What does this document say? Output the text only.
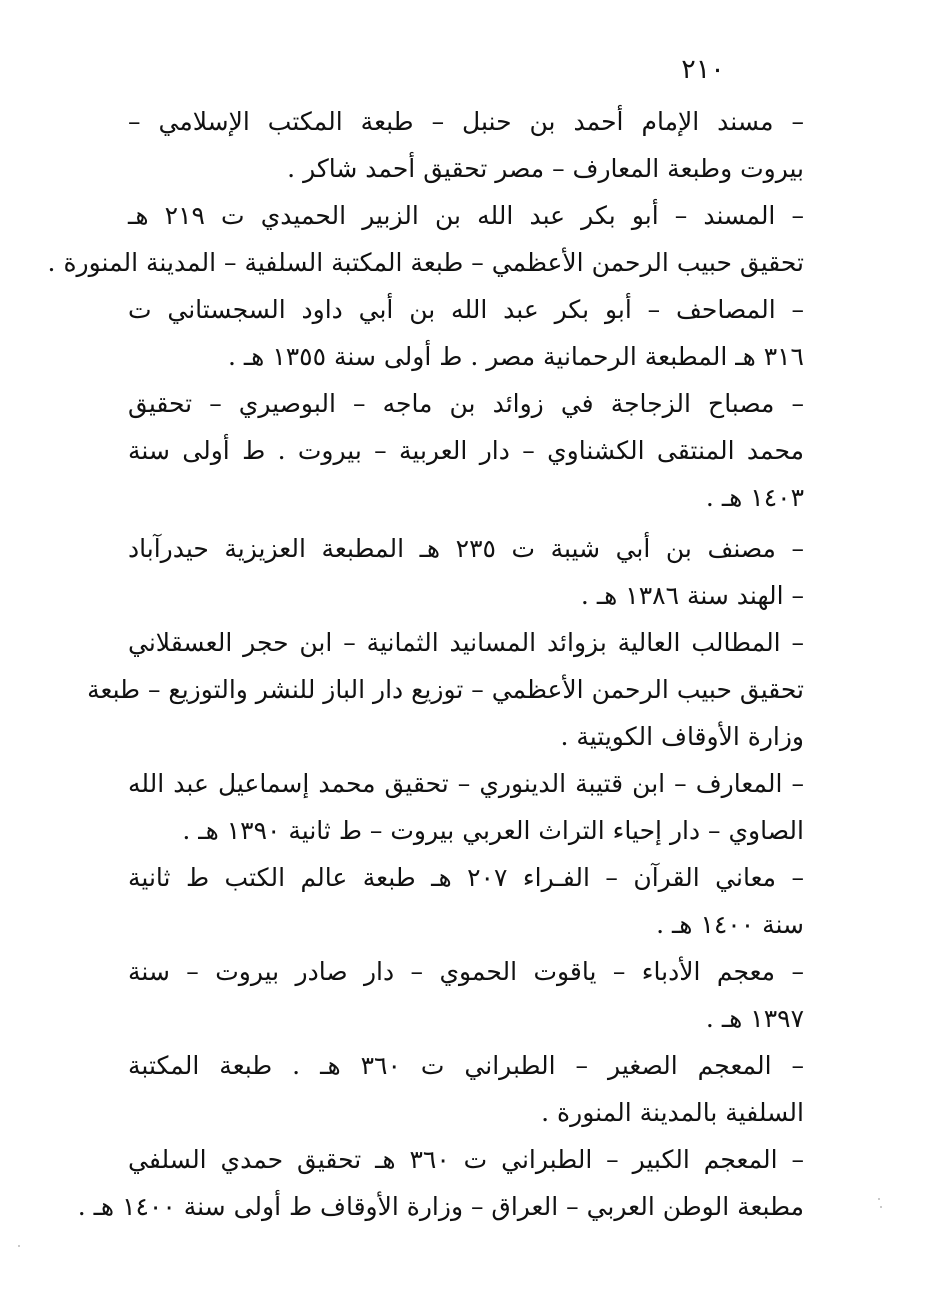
٢١٠
– مسند الإمام أحمد بن حنبل – طبعة المكتب الإسلامي –
بيروت وطبعة المعارف – مصر تحقيق أحمد شاكر .
– المسند – أبو بكر عبد الله بن الزبير الحميدي ت ٢١٩ هـ
تحقيق حبيب الرحمن الأعظمي – طبعة المكتبة السلفية – المدينة المنورة .
– المصاحف – أبو بكر عبد الله بن أبي داود السجستاني ت
٣١٦ هـ المطبعة الرحمانية مصر . ط أولى سنة ١٣٥٥ هـ .
– مصباح الزجاجة في زوائد بن ماجه – البوصيري – تحقيق
محمد المنتقى الكشناوي – دار العربية – بيروت . ط أولى سنة
١٤٠٣ هـ .
– مصنف بن أبي شيبة ت ٢٣٥ هـ المطبعة العزيزية حيدرآباد
– الهند سنة ١٣٨٦ هـ .
– المطالب العالية بزوائد المسانيد الثمانية – ابن حجر العسقلاني
تحقيق حبيب الرحمن الأعظمي – توزيع دار الباز للنشر والتوزيع – طبعة
وزارة الأوقاف الكويتية .
– المعارف – ابن قتيبة الدينوري – تحقيق محمد إسماعيل عبد الله
الصاوي – دار إحياء التراث العربي بيروت – ط ثانية ١٣٩٠ هـ .
– معاني القرآن – الفـراء ٢٠٧ هـ طبعة عالم الكتب ط ثانية
سنة ١٤٠٠ هـ .
– معجم الأدباء – ياقوت الحموي – دار صادر بيروت – سنة
١٣٩٧ هـ .
– المعجم الصغير – الطبراني ت ٣٦٠ هـ . طبعة المكتبة
السلفية بالمدينة المنورة .
– المعجم الكبير – الطبراني ت ٣٦٠ هـ تحقيق حمدي السلفي
مطبعة الوطن العربي – العراق – وزارة الأوقاف ط أولى سنة ١٤٠٠ هـ .
